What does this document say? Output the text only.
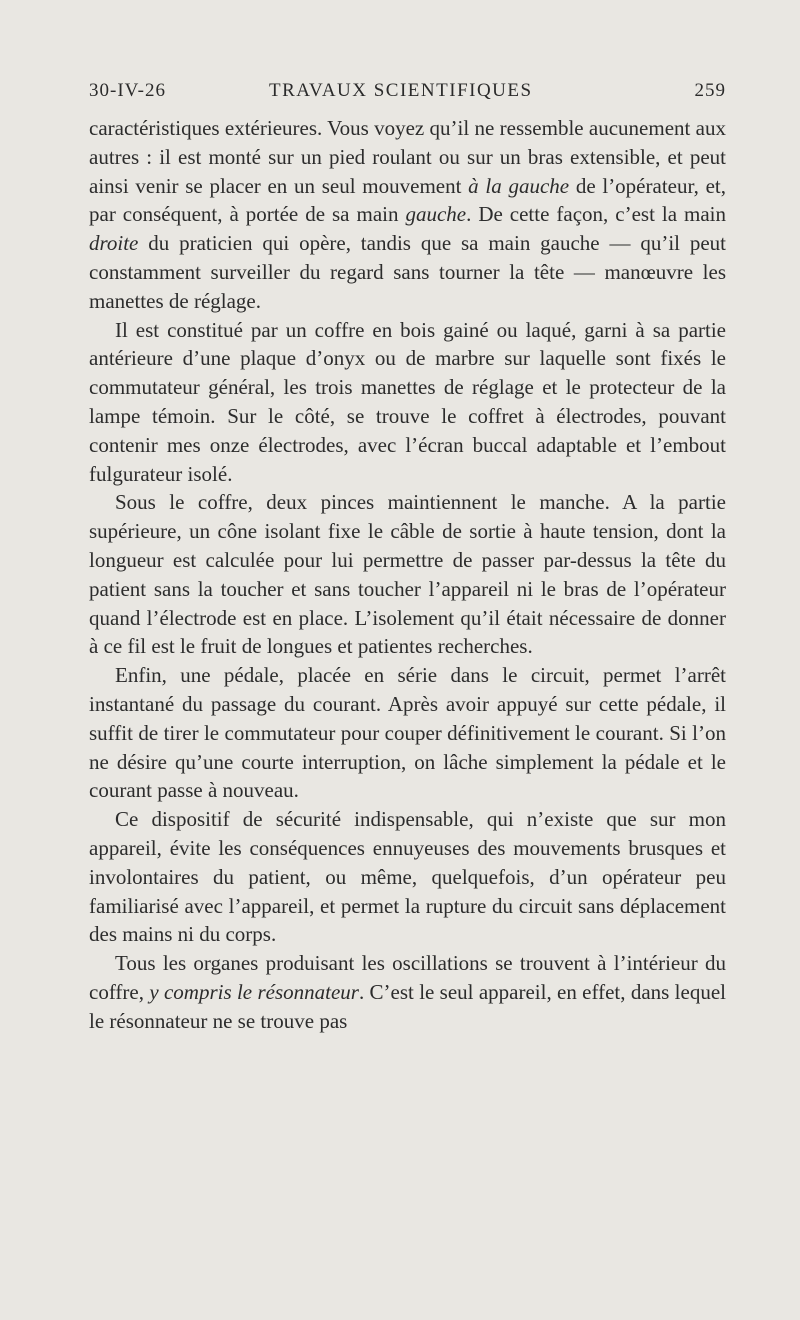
30-IV-26	TRAVAUX SCIENTIFIQUES	259

caractéristiques extérieures. Vous voyez qu’il ne ressemble aucunement aux autres : il est monté sur un pied roulant ou sur un bras extensible, et peut ainsi venir se placer en un seul mouvement à la gauche de l’opérateur, et, par conséquent, à portée de sa main gauche. De cette façon, c’est la main droite du praticien qui opère, tandis que sa main gauche — qu’il peut constamment surveiller du regard sans tourner la tête — manœuvre les manettes de réglage.

Il est constitué par un coffre en bois gainé ou laqué, garni à sa partie antérieure d’une plaque d’onyx ou de marbre sur laquelle sont fixés le commutateur général, les trois manettes de réglage et le protecteur de la lampe témoin. Sur le côté, se trouve le coffret à électrodes, pouvant contenir mes onze électrodes, avec l’écran buccal adaptable et l’embout fulgurateur isolé.

Sous le coffre, deux pinces maintiennent le manche. A la partie supérieure, un cône isolant fixe le câble de sortie à haute tension, dont la longueur est calculée pour lui permettre de passer par-dessus la tête du patient sans la toucher et sans toucher l’appareil ni le bras de l’opérateur quand l’électrode est en place. L’isolement qu’il était nécessaire de donner à ce fil est le fruit de longues et patientes recherches.

Enfin, une pédale, placée en série dans le circuit, permet l’arrêt instantané du passage du courant. Après avoir appuyé sur cette pédale, il suffit de tirer le commutateur pour couper définitivement le courant. Si l’on ne désire qu’une courte interruption, on lâche simplement la pédale et le courant passe à nouveau.

Ce dispositif de sécurité indispensable, qui n’existe que sur mon appareil, évite les conséquences ennuyeuses des mouvements brusques et involontaires du patient, ou même, quelquefois, d’un opérateur peu familiarisé avec l’appareil, et permet la rupture du circuit sans déplacement des mains ni du corps.

Tous les organes produisant les oscillations se trouvent à l’intérieur du coffre, y compris le résonnateur. C’est le seul appareil, en effet, dans lequel le résonnateur ne se trouve pas
